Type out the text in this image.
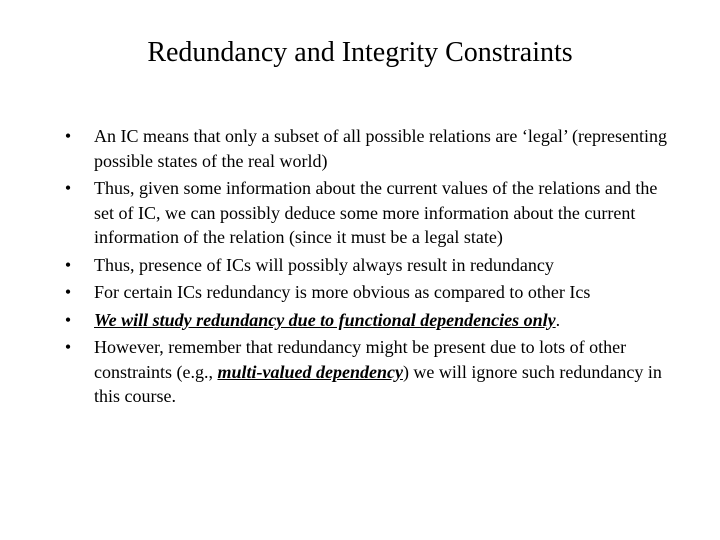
Redundancy and Integrity Constraints
•	An IC means that only a subset of all possible relations are ‘legal’ (representing possible states of the real world)
•	Thus, given some information about the current values of the relations and the set of IC, we can possibly deduce some more information about the current information of the relation (since it must be a legal state)
•	Thus, presence of ICs will possibly always result in redundancy
•	For certain ICs redundancy is more obvious as compared to other Ics
•	We will study redundancy due to functional dependencies only.
•	However, remember that redundancy might be present due to lots of other constraints (e.g., multi-valued dependency) we will ignore such redundancy in this course.
